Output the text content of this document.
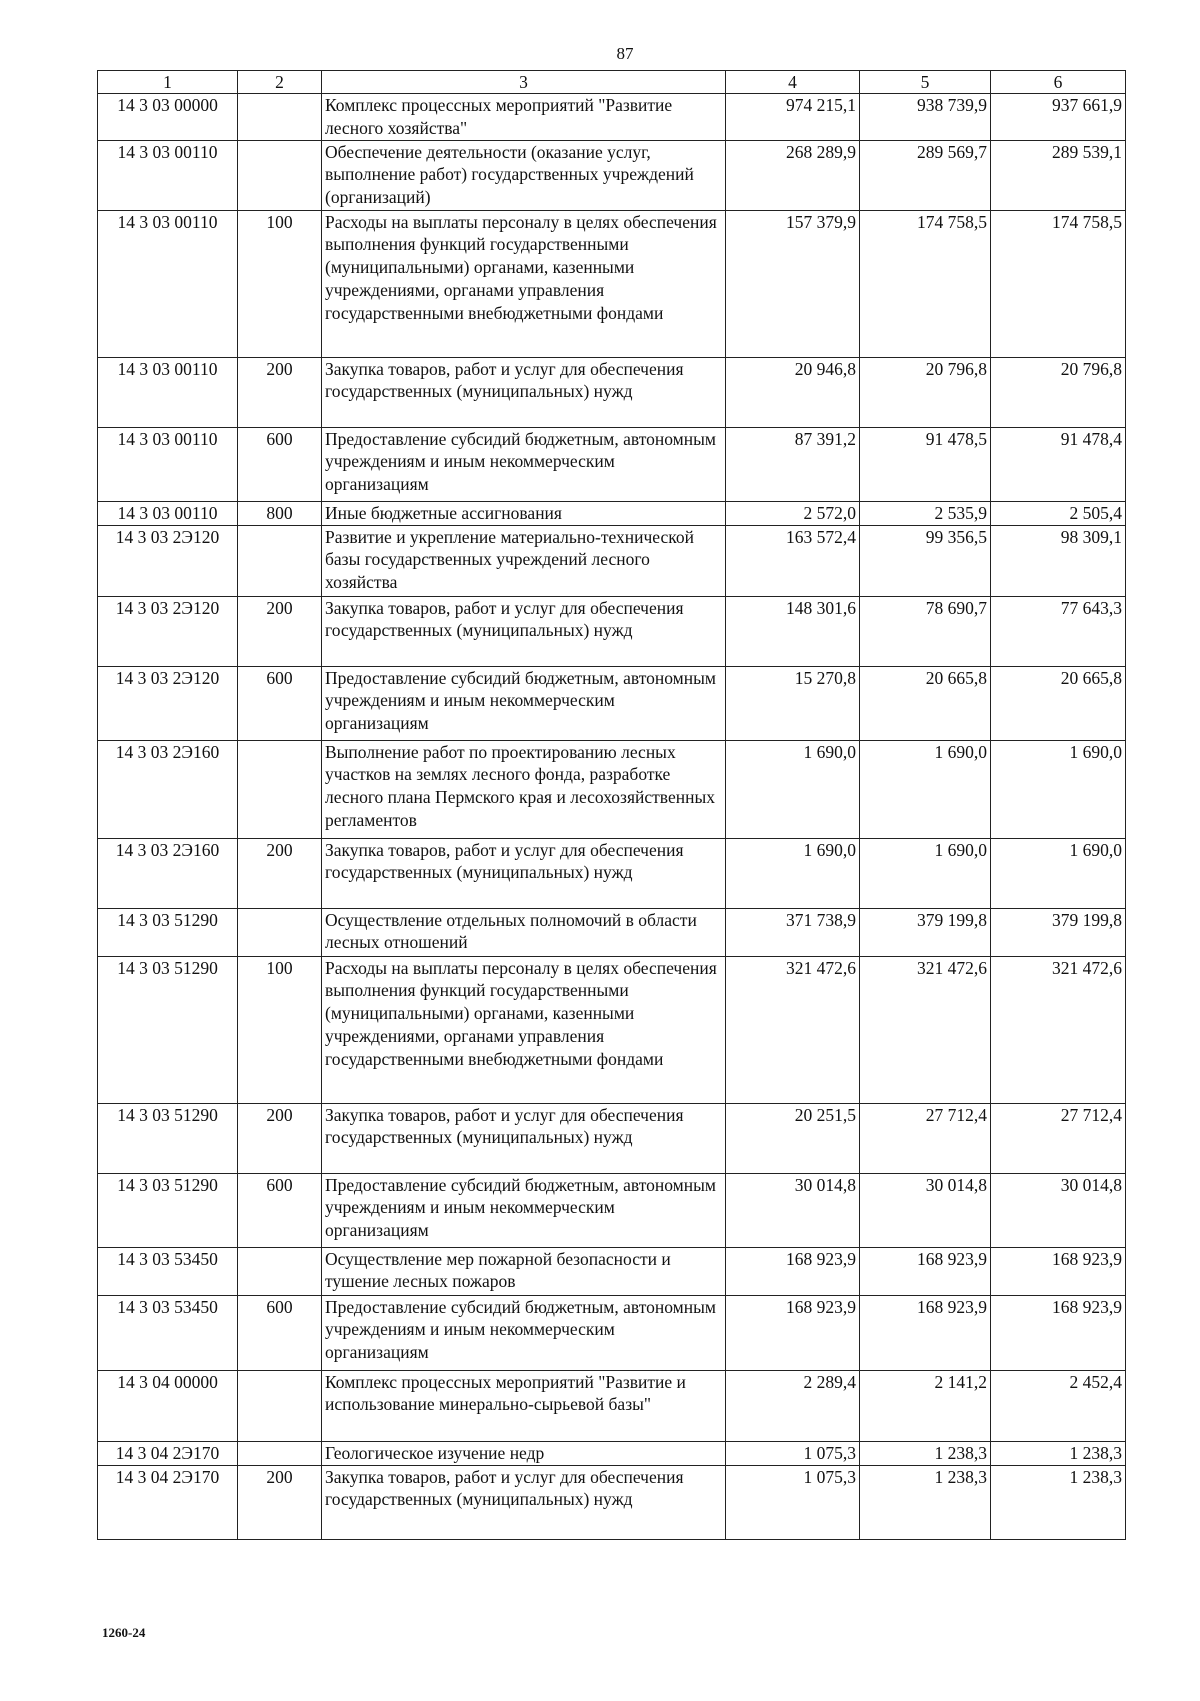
87
1	2	3	4	5	6
14 3 03 00000		Комплекс процессных мероприятий "Развитие лесного хозяйства"	974 215,1	938 739,9	937 661,9
14 3 03 00110		Обеспечение деятельности (оказание услуг, выполнение работ) государственных учреждений (организаций)	268 289,9	289 569,7	289 539,1
14 3 03 00110	100	Расходы на выплаты персоналу в целях обеспечения выполнения функций государственными (муниципальными) органами, казенными учреждениями, органами управления государственными внебюджетными фондами	157 379,9	174 758,5	174 758,5
14 3 03 00110	200	Закупка товаров, работ и услуг для обеспечения государственных (муниципальных) нужд	20 946,8	20 796,8	20 796,8
14 3 03 00110	600	Предоставление субсидий бюджетным, автономным учреждениям и иным некоммерческим организациям	87 391,2	91 478,5	91 478,4
14 3 03 00110	800	Иные бюджетные ассигнования	2 572,0	2 535,9	2 505,4
14 3 03 2Э120		Развитие и укрепление материально-технической базы государственных учреждений лесного хозяйства	163 572,4	99 356,5	98 309,1
14 3 03 2Э120	200	Закупка товаров, работ и услуг для обеспечения государственных (муниципальных) нужд	148 301,6	78 690,7	77 643,3
14 3 03 2Э120	600	Предоставление субсидий бюджетным, автономным учреждениям и иным некоммерческим организациям	15 270,8	20 665,8	20 665,8
14 3 03 2Э160		Выполнение работ по проектированию лесных участков на землях лесного фонда, разработке лесного плана Пермского края и лесохозяйственных регламентов	1 690,0	1 690,0	1 690,0
14 3 03 2Э160	200	Закупка товаров, работ и услуг для обеспечения государственных (муниципальных) нужд	1 690,0	1 690,0	1 690,0
14 3 03 51290		Осуществление отдельных полномочий в области лесных отношений	371 738,9	379 199,8	379 199,8
14 3 03 51290	100	Расходы на выплаты персоналу в целях обеспечения выполнения функций государственными (муниципальными) органами, казенными учреждениями, органами управления государственными внебюджетными фондами	321 472,6	321 472,6	321 472,6
14 3 03 51290	200	Закупка товаров, работ и услуг для обеспечения государственных (муниципальных) нужд	20 251,5	27 712,4	27 712,4
14 3 03 51290	600	Предоставление субсидий бюджетным, автономным учреждениям и иным некоммерческим организациям	30 014,8	30 014,8	30 014,8
14 3 03 53450		Осуществление мер пожарной безопасности и тушение лесных пожаров	168 923,9	168 923,9	168 923,9
14 3 03 53450	600	Предоставление субсидий бюджетным, автономным учреждениям и иным некоммерческим организациям	168 923,9	168 923,9	168 923,9
14 3 04 00000		Комплекс процессных мероприятий "Развитие и использование минерально-сырьевой базы"	2 289,4	2 141,2	2 452,4
14 3 04 2Э170		Геологическое изучение недр	1 075,3	1 238,3	1 238,3
14 3 04 2Э170	200	Закупка товаров, работ и услуг для обеспечения государственных (муниципальных) нужд	1 075,3	1 238,3	1 238,3
1260-24
